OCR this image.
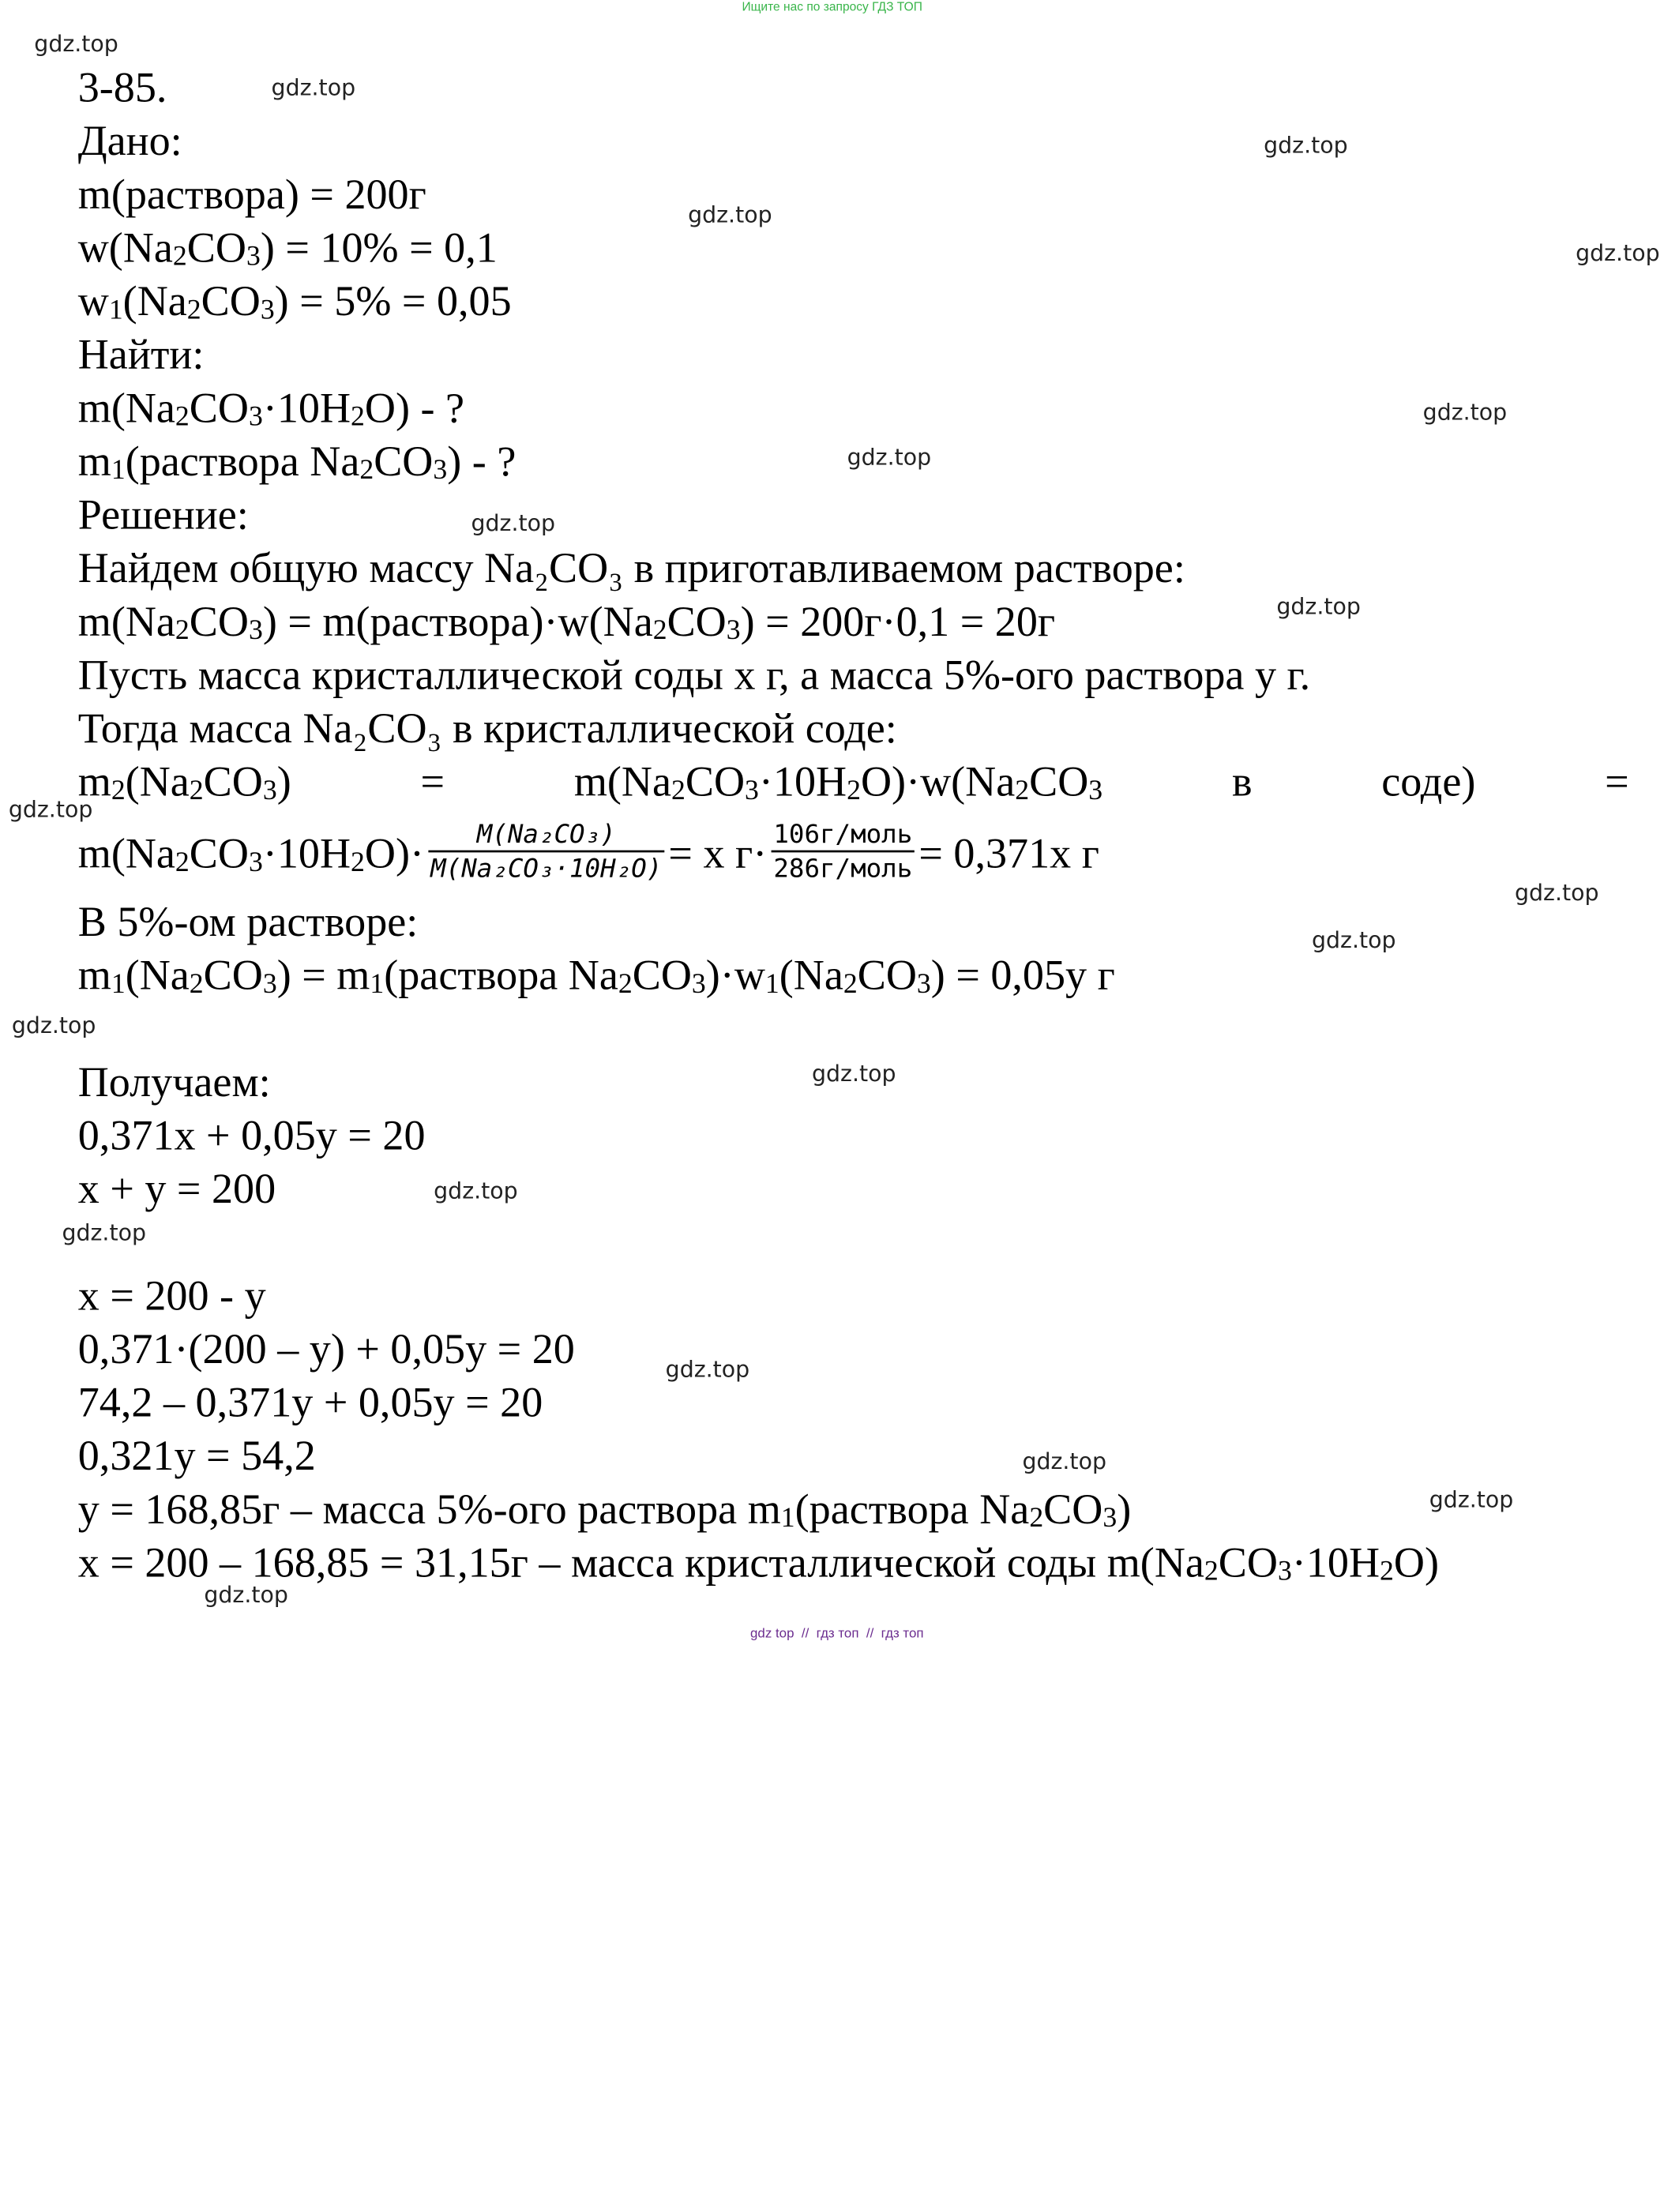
Ищите нас по запросу ГДЗ ТОП
gdz.top
gdz.top
gdz.top
gdz.top
gdz.top
gdz.top
gdz.top
gdz.top
gdz.top
gdz.top
gdz.top
gdz.top
gdz.top
gdz.top
gdz.top
gdz.top
gdz.top
gdz.top
gdz.top
gdz.top
3-85.
Дано:
m(раствора) = 200г
$w(Na_2CO_3) = 10\% = 0,1$
$w_1(Na_2CO_3) = 5\% = 0,05$
Найти:
$m(Na_2CO_3\cdot 10H_2O)$ - ?
$m_1(раствора$ $Na_2CO_3$) - ?
Решение:
Найдем общую массу Na₂CO₃ в приготавливаемом растворе:
$m(Na_2CO_3)$ = $m(раствора)\cdot w(Na_2CO_3) = 200г\cdot 0,1 = 20г$
Пусть масса кристаллической соды x г, а масса 5%-ого раствора у г.
Тогда масса Na₂CO₃ в кристаллической соде:
$m_2(Na_2CO_3)$	=	$m(Na_2CO_3\cdot 10H_2O)\cdot w(Na_2CO_3$	в	соде)	=
$m(Na_2CO_3\cdot 10H_2O)\cdot \frac{\text{M(Na₂CO₃)}}{\text{M(Na₂CO₃·10H₂O)}} = x$ $г\cdot \frac{\text{106г/моль}}{\text{286г/моль}} = 0,371x$ г
В 5%-ом растворе:
$m_1(Na_2CO_3)$ = $m_1(раствора$ $Na_2CO_3)\cdot w_1(Na_2CO_3) = 0,05у$ г
Получаем:
0,371x + 0,05y = 20
x + y = 200
x = 200 - y
0,371·(200 – y) + 0,05y = 20
74,2 – 0,371y + 0,05y = 20
0,321y = 54,2
y = 168,85г – масса 5%-ого раствора $m_1(раствора$ $Na_2CO_3$)
x = 200 – 168,85 = 31,15г – масса кристаллической соды $m(Na_2CO_3\cdot 10H_2O)$
gdz top  //  гдз топ  //  гдз топ
